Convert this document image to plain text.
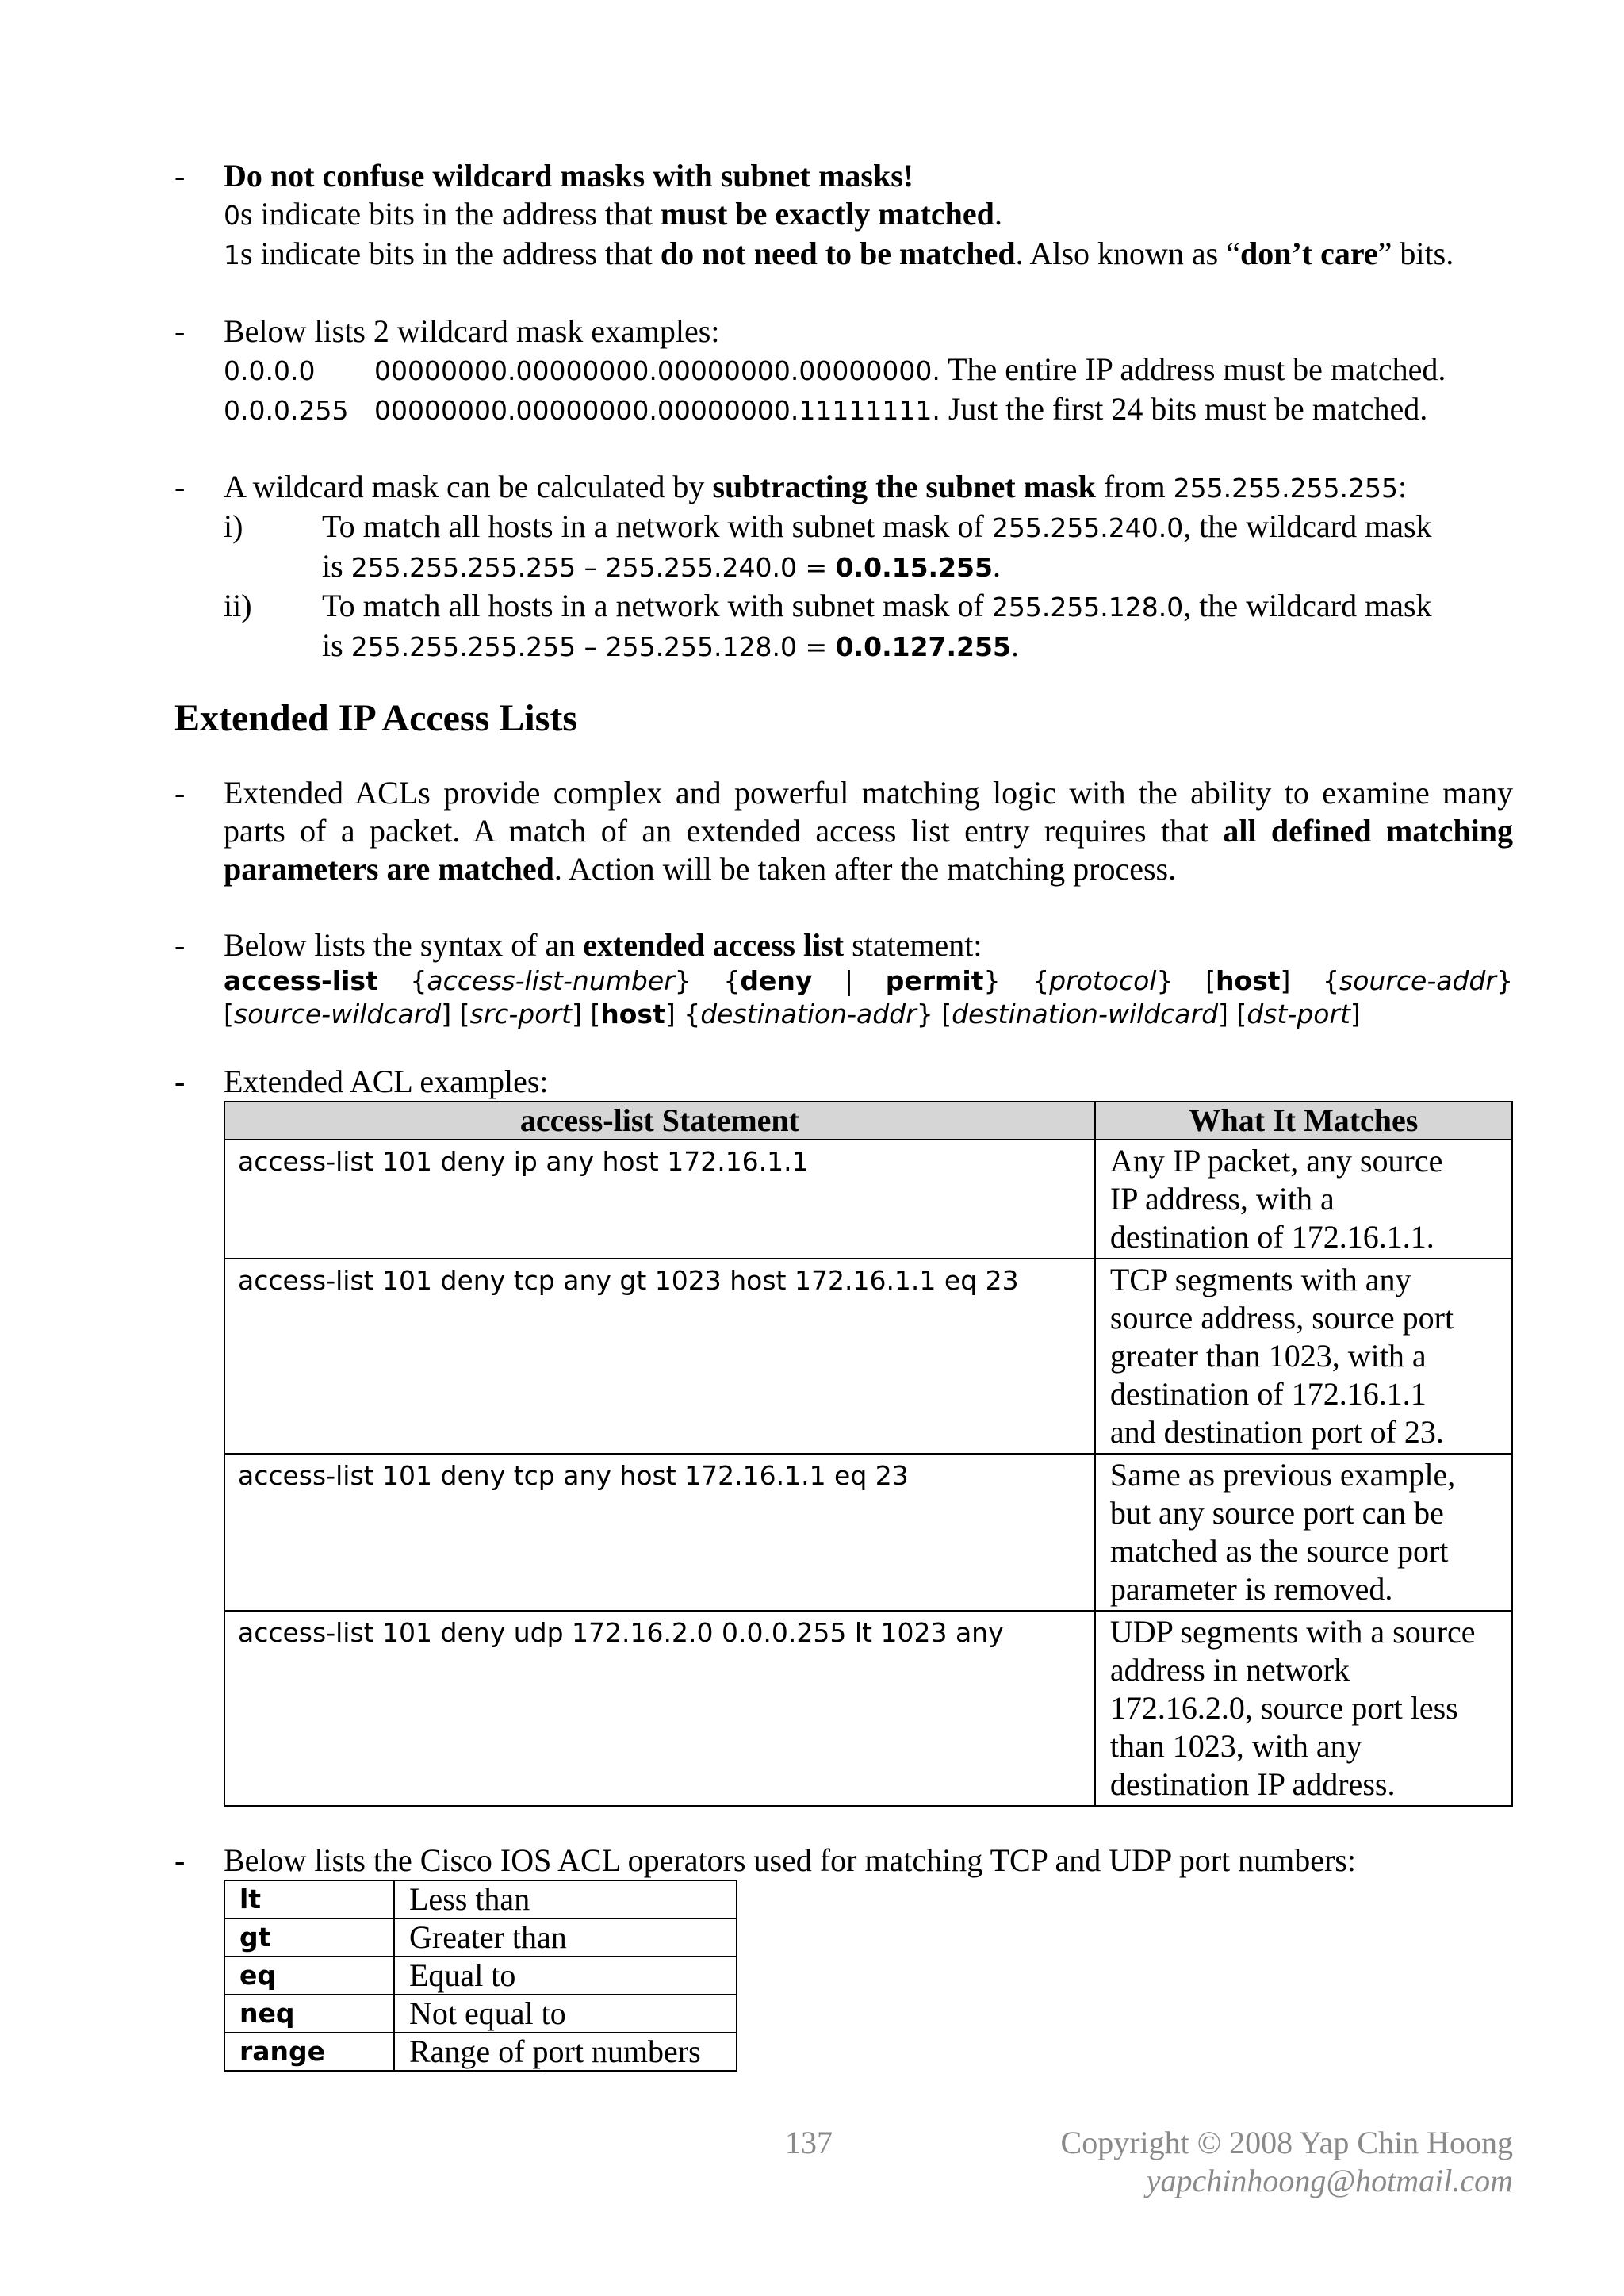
- Do not confuse wildcard masks with subnet masks!
0s indicate bits in the address that must be exactly matched.
1s indicate bits in the address that do not need to be matched. Also known as “don’t care” bits.
- Below lists 2 wildcard mask examples:
0.0.0.0 00000000.00000000.00000000.00000000. The entire IP address must be matched.
0.0.0.255 00000000.00000000.00000000.11111111. Just the first 24 bits must be matched.
- A wildcard mask can be calculated by subtracting the subnet mask from 255.255.255.255:
i) To match all hosts in a network with subnet mask of 255.255.240.0, the wildcard mask
is 255.255.255.255 – 255.255.240.0 = 0.0.15.255.
ii) To match all hosts in a network with subnet mask of 255.255.128.0, the wildcard mask
is 255.255.255.255 – 255.255.128.0 = 0.0.127.255.
Extended IP Access Lists
- Extended ACLs provide complex and powerful matching logic with the ability to examine many parts of a packet. A match of an extended access list entry requires that all defined matching parameters are matched. Action will be taken after the matching process.
- Below lists the syntax of an extended access list statement:
access-list {access-list-number} {deny | permit} {protocol} [host] {source-addr}
[source-wildcard] [src-port] [host] {destination-addr} [destination-wildcard] [dst-port]
- Extended ACL examples:
access-list Statement	What It Matches
access-list 101 deny ip any host 172.16.1.1	Any IP packet, any source
IP address, with a
destination of 172.16.1.1.

access-list 101 deny tcp any gt 1023 host 172.16.1.1 eq 23	TCP segments with any
source address, source port
greater than 1023, with a
destination of 172.16.1.1
and destination port of 23.

access-list 101 deny tcp any host 172.16.1.1 eq 23	Same as previous example,
but any source port can be
matched as the source port
parameter is removed.

access-list 101 deny udp 172.16.2.0 0.0.0.255 lt 1023 any	UDP segments with a source
address in network
172.16.2.0, source port less
than 1023, with any
destination IP address.
- Below lists the Cisco IOS ACL operators used for matching TCP and UDP port numbers:
lt	Less than
gt	Greater than
eq	Equal to
neq	Not equal to
range	Range of port numbers
137	Copyright © 2008 Yap Chin Hoong
yapchinhoong@hotmail.com
